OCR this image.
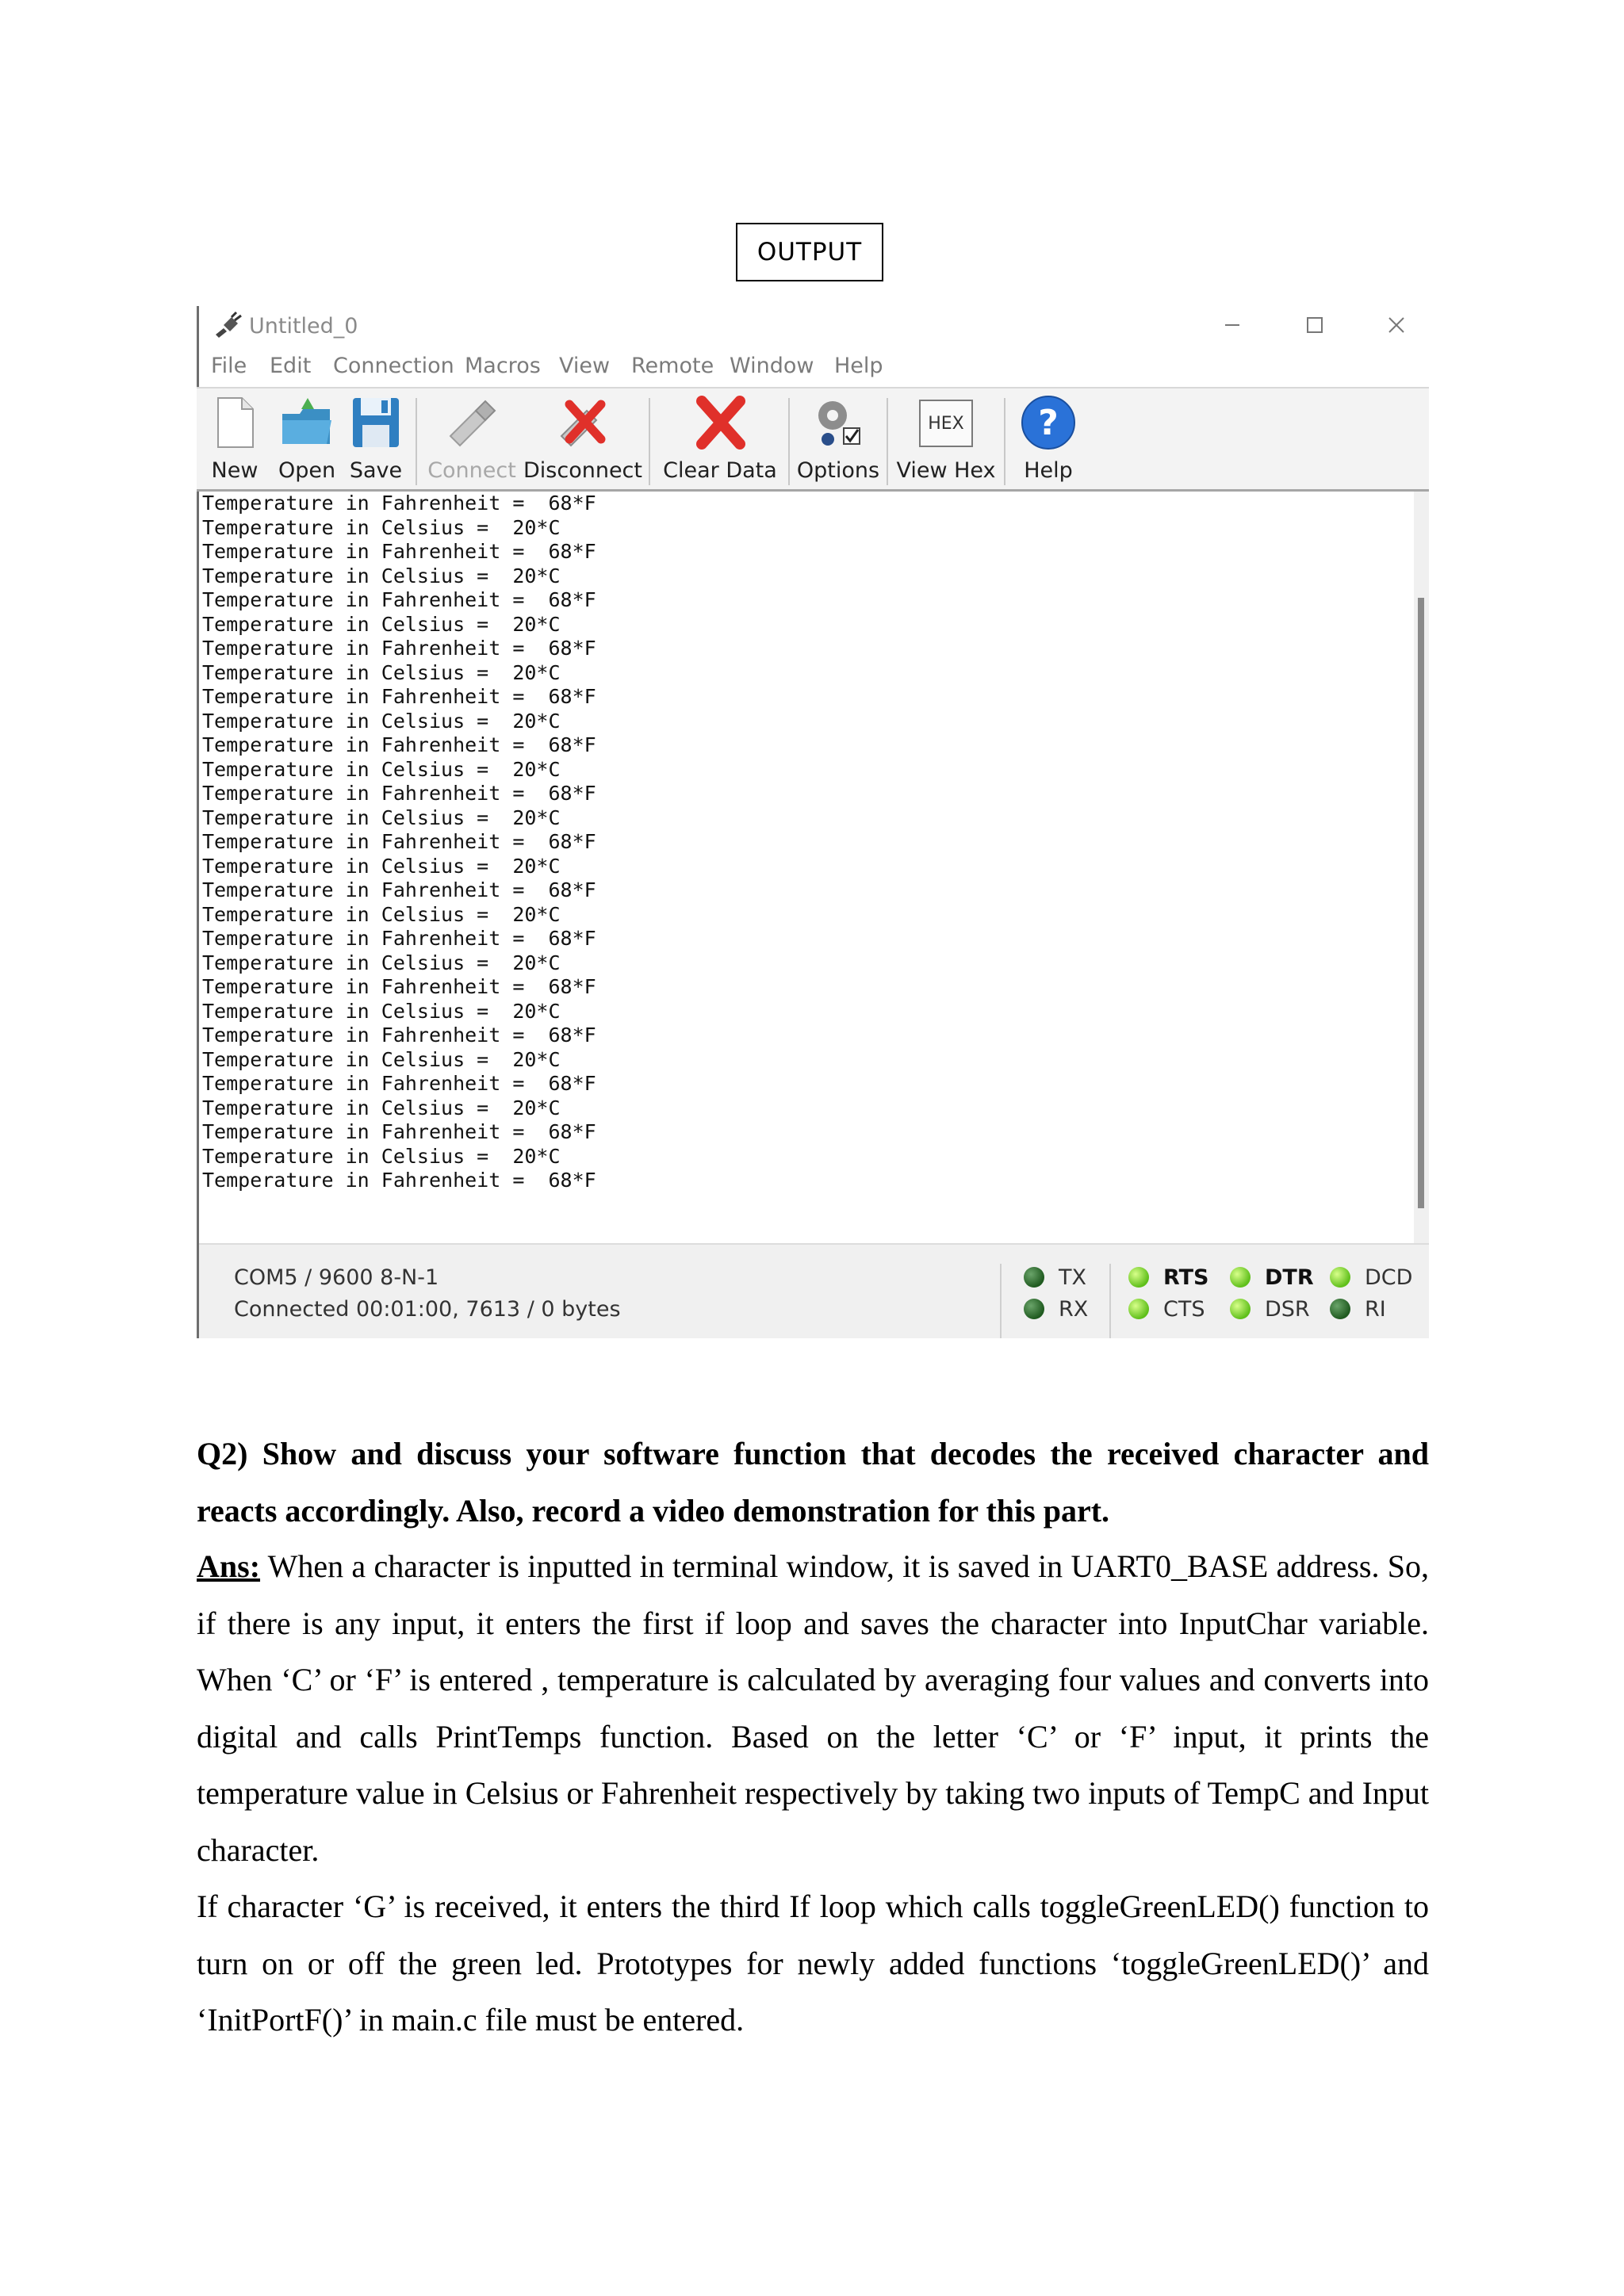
OUTPUT
Untitled_0
File Edit Connection Macros View Remote Window Help
New Open Save Connect Disconnect Clear Data Options
HEX
View Hex
?
Help
Temperature in Fahrenheit =  68*F
Temperature in Celsius =  20*C
Temperature in Fahrenheit =  68*F
Temperature in Celsius =  20*C
Temperature in Fahrenheit =  68*F
Temperature in Celsius =  20*C
Temperature in Fahrenheit =  68*F
Temperature in Celsius =  20*C
Temperature in Fahrenheit =  68*F
Temperature in Celsius =  20*C
Temperature in Fahrenheit =  68*F
Temperature in Celsius =  20*C
Temperature in Fahrenheit =  68*F
Temperature in Celsius =  20*C
Temperature in Fahrenheit =  68*F
Temperature in Celsius =  20*C
Temperature in Fahrenheit =  68*F
Temperature in Celsius =  20*C
Temperature in Fahrenheit =  68*F
Temperature in Celsius =  20*C
Temperature in Fahrenheit =  68*F
Temperature in Celsius =  20*C
Temperature in Fahrenheit =  68*F
Temperature in Celsius =  20*C
Temperature in Fahrenheit =  68*F
Temperature in Celsius =  20*C
Temperature in Fahrenheit =  68*F
Temperature in Celsius =  20*C
Temperature in Fahrenheit =  68*F
COM5 / 9600 8-N-1
Connected 00:01:00, 7613 / 0 bytes
TX
RX
RTS
CTS
DTR
DSR
DCD
RI
Q2) Show and discuss your software function that decodes the received character and reacts accordingly. Also, record a video demonstration for this part.
Ans: When a character is inputted in terminal window, it is saved in UART0_BASE address. So, if there is any input, it enters the first if loop and saves the character into InputChar variable. When ‘C’ or ‘F’ is entered , temperature is calculated by averaging four values and converts into digital and calls PrintTemps function. Based on the letter ‘C’ or ‘F’ input, it prints the temperature value in Celsius or Fahrenheit respectively by taking two inputs of TempC and Input character.
If character ‘G’ is received, it enters the third If loop which calls toggleGreenLED() function to turn on or off the green led. Prototypes for newly added functions ‘toggleGreenLED()’ and ‘InitPortF()’ in main.c file must be entered.
